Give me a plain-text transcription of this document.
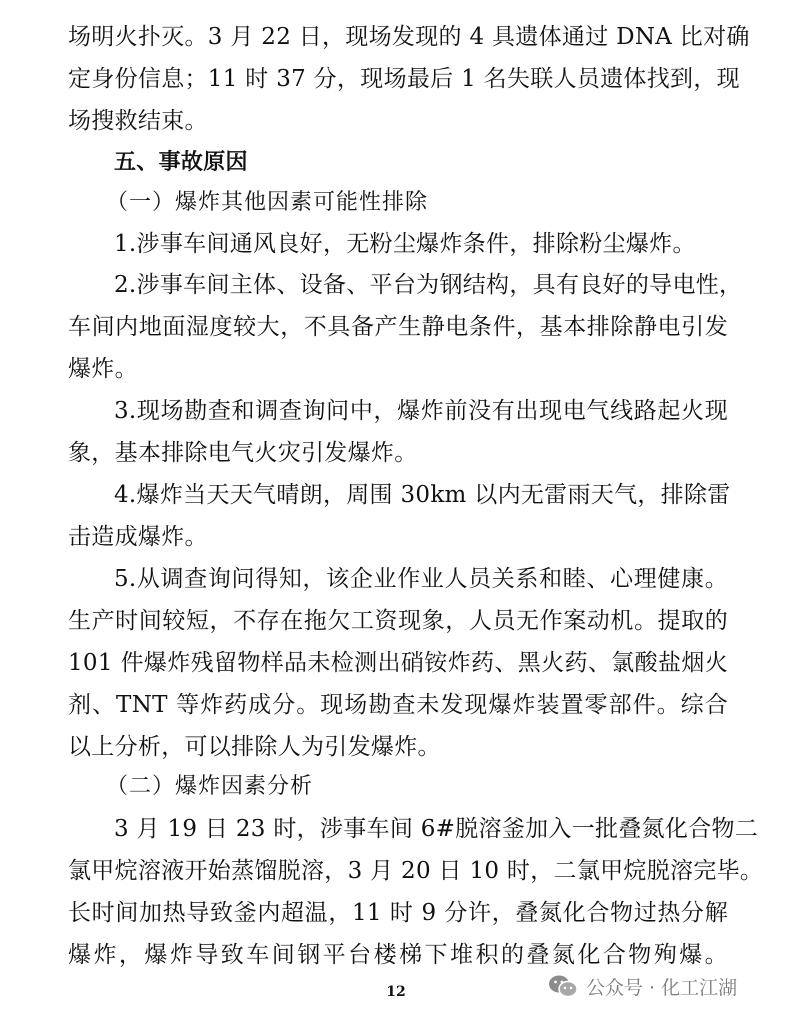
场明火扑灭。3 月 22 日，现场发现的 4 具遗体通过 DNA 比对确
定身份信息；11 时 37 分，现场最后 1 名失联人员遗体找到，现
场搜救结束。
五、事故原因
（一）爆炸其他因素可能性排除
1.涉事车间通风良好，无粉尘爆炸条件，排除粉尘爆炸。
2.涉事车间主体、设备、平台为钢结构，具有良好的导电性，
车间内地面湿度较大，不具备产生静电条件，基本排除静电引发
爆炸。
3.现场勘查和调查询问中，爆炸前没有出现电气线路起火现
象，基本排除电气火灾引发爆炸。
4.爆炸当天天气晴朗，周围 30km 以内无雷雨天气，排除雷
击造成爆炸。
5.从调查询问得知，该企业作业人员关系和睦、心理健康。
生产时间较短，不存在拖欠工资现象，人员无作案动机。提取的
101 件爆炸残留物样品未检测出硝铵炸药、黑火药、氯酸盐烟火
剂、TNT 等炸药成分。现场勘查未发现爆炸装置零部件。综合
以上分析，可以排除人为引发爆炸。
（二）爆炸因素分析
3 月 19 日 23 时，涉事车间 6#脱溶釜加入一批叠氮化合物二
氯甲烷溶液开始蒸馏脱溶，3 月 20 日 10 时，二氯甲烷脱溶完毕。
长时间加热导致釜内超温，11 时 9 分许，叠氮化合物过热分解
爆炸，爆炸导致车间钢平台楼梯下堆积的叠氮化合物殉爆。
12	公众号 · 化工江湖
